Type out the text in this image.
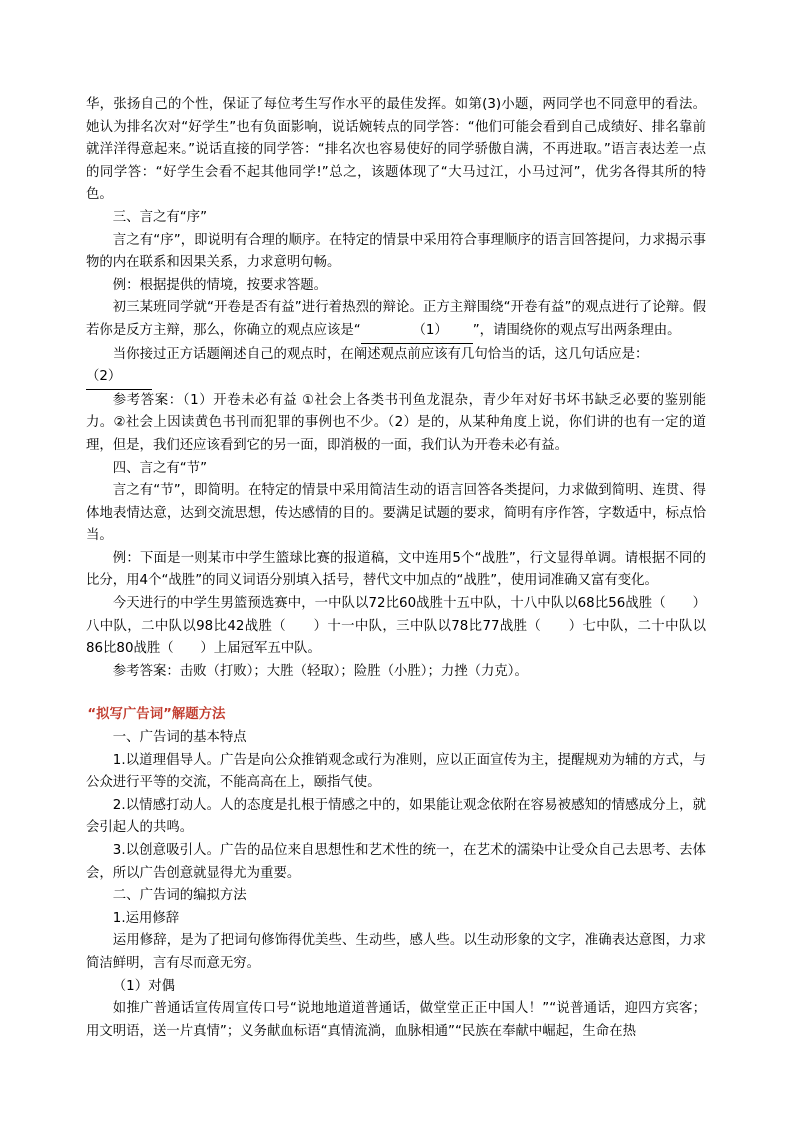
华，张扬自己的个性，保证了每位考生写作水平的最佳发挥。如第(3)小题，两同学也不同意甲的看法。她认为排名次对“好学生”也有负面影响，说话婉转点的同学答：“他们可能会看到自己成绩好、排名靠前就洋洋得意起来。”说话直接的同学答：“排名次也容易使好的同学骄傲自满，不再进取。”语言表达差一点的同学答：“好学生会看不起其他同学!”总之，该题体现了“大马过江，小马过河”，优劣各得其所的特色。

三、言之有“序”

言之有“序”，即说明有合理的顺序。在特定的情景中采用符合事理顺序的语言回答提问，力求揭示事物的内在联系和因果关系，力求意明句畅。

例：根据提供的情境，按要求答题。

初三某班同学就“开卷是否有益”进行着热烈的辩论。正方主辩围绕“开卷有益”的观点进行了论辩。假若你是反方主辩，那么，你确立的观点应该是“	（1） ”，请围绕你的观点写出两条理由。

当你接过正方话题阐述自己的观点时，在阐述观点前应该有几句恰当的话，这几句话应是：

（2）

参考答案：（1）开卷未必有益 ①社会上各类书刊鱼龙混杂，青少年对好书坏书缺乏必要的鉴别能力。②社会上因读黄色书刊而犯罪的事例也不少。（2）是的，从某种角度上说，你们讲的也有一定的道理，但是，我们还应该看到它的另一面，即消极的一面，我们认为开卷未必有益。

四、言之有“节”

言之有“节”，即简明。在特定的情景中采用简洁生动的语言回答各类提问，力求做到简明、连贯、得体地表情达意，达到交流思想，传达感情的目的。要满足试题的要求，简明有序作答，字数适中，标点恰当。

例：下面是一则某市中学生篮球比赛的报道稿，文中连用5个“战胜”，行文显得单调。请根据不同的比分，用4个“战胜”的同义词语分别填入括号，替代文中加点的“战胜”，使用词准确又富有变化。

今天进行的中学生男篮预选赛中，一中队以72比60战胜十五中队，十八中队以68比56战胜（　　）八中队，二中队以98比42战胜（　　）十一中队，三中队以78比77战胜（　　）七中队，二十中队以86比80战胜（　　）上届冠军五中队。

参考答案：击败（打败）；大胜（轻取）；险胜（小胜）；力挫（力克）。

“拟写广告词”解题方法

一、广告词的基本特点

1.以道理倡导人。广告是向公众推销观念或行为准则，应以正面宣传为主，提醒规劝为辅的方式，与公众进行平等的交流，不能高高在上，颐指气使。

2.以情感打动人。人的态度是扎根于情感之中的，如果能让观念依附在容易被感知的情感成分上，就会引起人的共鸣。

3.以创意吸引人。广告的品位来自思想性和艺术性的统一，在艺术的濡染中让受众自己去思考、去体会，所以广告创意就显得尤为重要。

二、广告词的编拟方法

1.运用修辞

运用修辞，是为了把词句修饰得优美些、生动些，感人些。以生动形象的文字，准确表达意图，力求简洁鲜明，言有尽而意无穷。

（1）对偶

如推广普通话宣传周宣传口号“说地地道道普通话，做堂堂正正中国人！”“说普通话，迎四方宾客；用文明语，送一片真情”；义务献血标语“真情流淌，血脉相通”“民族在奉献中崛起，生命在热
